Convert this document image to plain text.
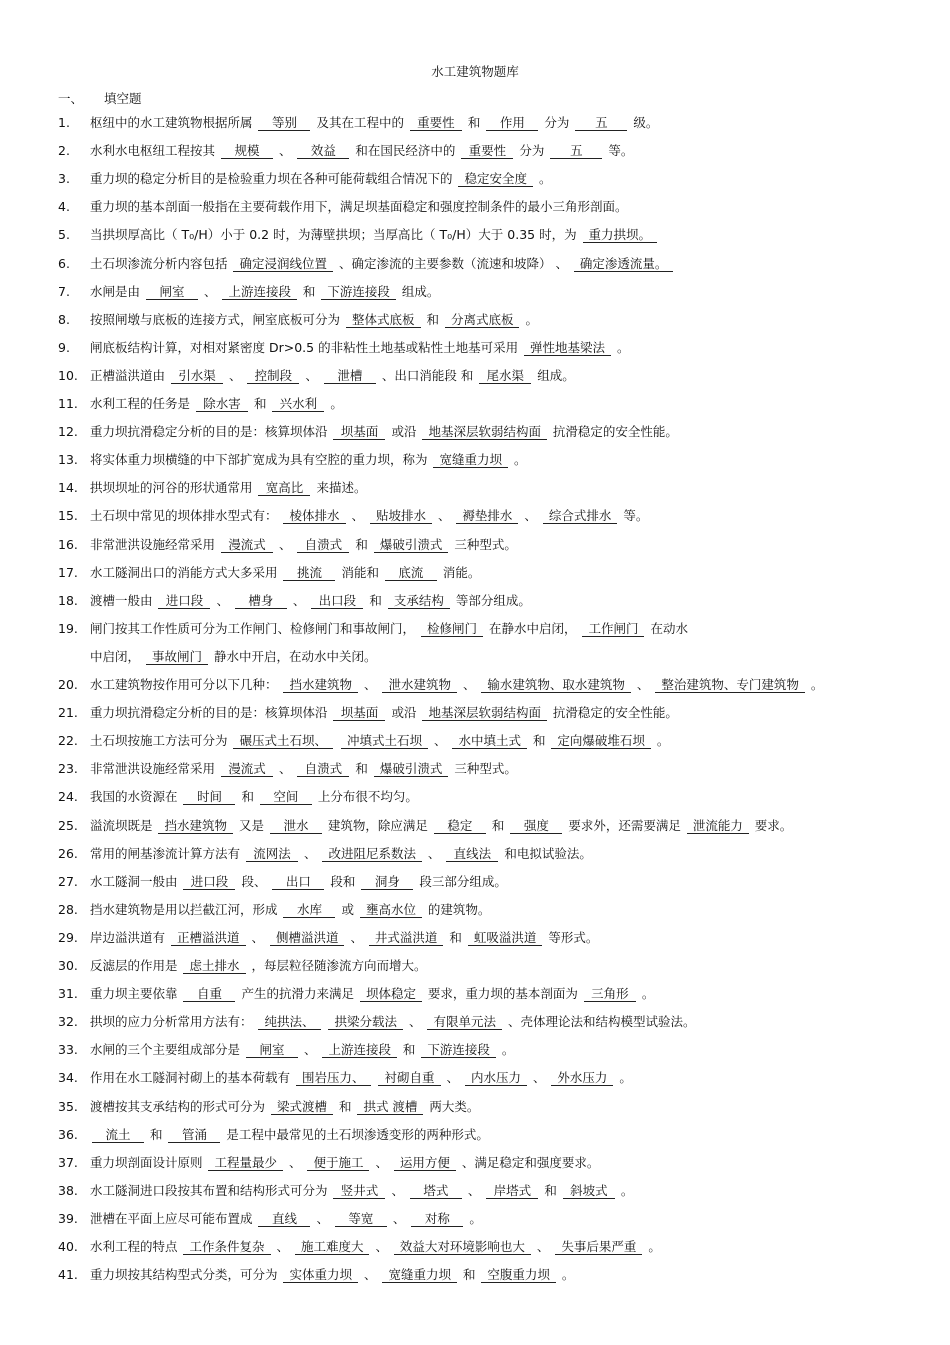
水工建筑物题库
一、 填空题
1. 枢纽中的水工建筑物根据所属 等别 及其在工程中的 重要性 和 作用 分为 五 级。
2. 水利水电枢纽工程按其 规模 、 效益 和在国民经济中的 重要性 分为 五 等。
3. 重力坝的稳定分析目的是检验重力坝在各种可能荷载组合情况下的 稳定安全度 。
4. 重力坝的基本剖面一般指在主要荷载作用下，满足坝基面稳定和强度控制条件的最小三角形剖面。
5. 当拱坝厚高比（ T₀/H）小于 0.2 时，为薄壁拱坝；当厚高比（ T₀/H）大于 0.35 时，为 重力拱坝。
6. 土石坝渗流分析内容包括 确定浸润线位置 、确定渗流的主要参数（流速和坡降） 、 确定渗透流量。
7. 水闸是由 闸室 、 上游连接段 和 下游连接段 组成。
8. 按照闸墩与底板的连接方式，闸室底板可分为 整体式底板 和 分离式底板 。
9. 闸底板结构计算，对相对紧密度 Dr>0.5 的非粘性土地基或粘性土地基可采用 弹性地基梁法 。
10. 正槽溢洪道由 引水渠 、 控制段 、 泄槽 、出口消能段 和 尾水渠 组成。
11. 水利工程的任务是 除水害 和 兴水利 。
12. 重力坝抗滑稳定分析的目的是：核算坝体沿 坝基面 或沿 地基深层软弱结构面 抗滑稳定的安全性能。
13. 将实体重力坝横缝的中下部扩宽成为具有空腔的重力坝，称为 宽缝重力坝 。
14. 拱坝坝址的河谷的形状通常用 宽高比 来描述。
15. 土石坝中常见的坝体排水型式有： 棱体排水 、 贴坡排水 、 褥垫排水 、 综合式排水 等。
16. 非常泄洪设施经常采用 漫流式 、 自溃式 和 爆破引溃式 三种型式。
17. 水工隧洞出口的消能方式大多采用 挑流 消能和 底流 消能。
18. 渡槽一般由 进口段 、 槽身 、 出口段 和 支承结构 等部分组成。
19. 闸门按其工作性质可分为工作闸门、检修闸门和事故闸门， 检修闸门 在静水中启闭， 工作闸门 在动水
中启闭， 事故闸门 静水中开启，在动水中关闭。
20. 水工建筑物按作用可分以下几种： 挡水建筑物 、 泄水建筑物 、 输水建筑物、取水建筑物 、 整治建筑物、专门建筑物 。
21. 重力坝抗滑稳定分析的目的是：核算坝体沿 坝基面 或沿 地基深层软弱结构面 抗滑稳定的安全性能。
22. 土石坝按施工方法可分为 碾压式土石坝、 冲填式土石坝 、 水中填土式 和 定向爆破堆石坝 。
23. 非常泄洪设施经常采用 漫流式 、 自溃式 和 爆破引溃式 三种型式。
24. 我国的水资源在 时间 和 空间 上分布很不均匀。
25. 溢流坝既是 挡水建筑物 又是 泄水 建筑物，除应满足 稳定 和 强度 要求外，还需要满足 泄流能力 要求。
26. 常用的闸基渗流计算方法有 流网法 、 改进阻尼系数法 、 直线法 和电拟试验法。
27. 水工隧洞一般由 进口段 段、 出口 段和 洞身 段三部分组成。
28. 挡水建筑物是用以拦截江河，形成 水库 或 壅高水位 的建筑物。
29. 岸边溢洪道有 正槽溢洪道 、 侧槽溢洪道 、 井式溢洪道 和 虹吸溢洪道 等形式。
30. 反滤层的作用是 虑土排水 ，每层粒径随渗流方向而增大。
31. 重力坝主要依靠 自重 产生的抗滑力来满足 坝体稳定 要求，重力坝的基本剖面为 三角形 。
32. 拱坝的应力分析常用方法有： 纯拱法、 拱梁分载法 、 有限单元法 、壳体理论法和结构模型试验法。
33. 水闸的三个主要组成部分是 闸室 、 上游连接段 和 下游连接段 。
34. 作用在水工隧洞衬砌上的基本荷载有 围岩压力、 衬砌自重 、 内水压力 、 外水压力 。
35. 渡槽按其支承结构的形式可分为 梁式渡槽 和 拱式 渡槽 两大类。
36. 流土 和 管涌 是工程中最常见的土石坝渗透变形的两种形式。
37. 重力坝剖面设计原则 工程量最少 、 便于施工 、 运用方便 、满足稳定和强度要求。
38. 水工隧洞进口段按其布置和结构形式可分为 竖井式 、 塔式 、 岸塔式 和 斜坡式 。
39. 泄槽在平面上应尽可能布置成 直线 、 等宽 、 对称 。
40. 水利工程的特点 工作条件复杂 、 施工难度大 、 效益大对环境影响也大 、 失事后果严重 。
41. 重力坝按其结构型式分类，可分为 实体重力坝 、 宽缝重力坝 和 空腹重力坝 。
